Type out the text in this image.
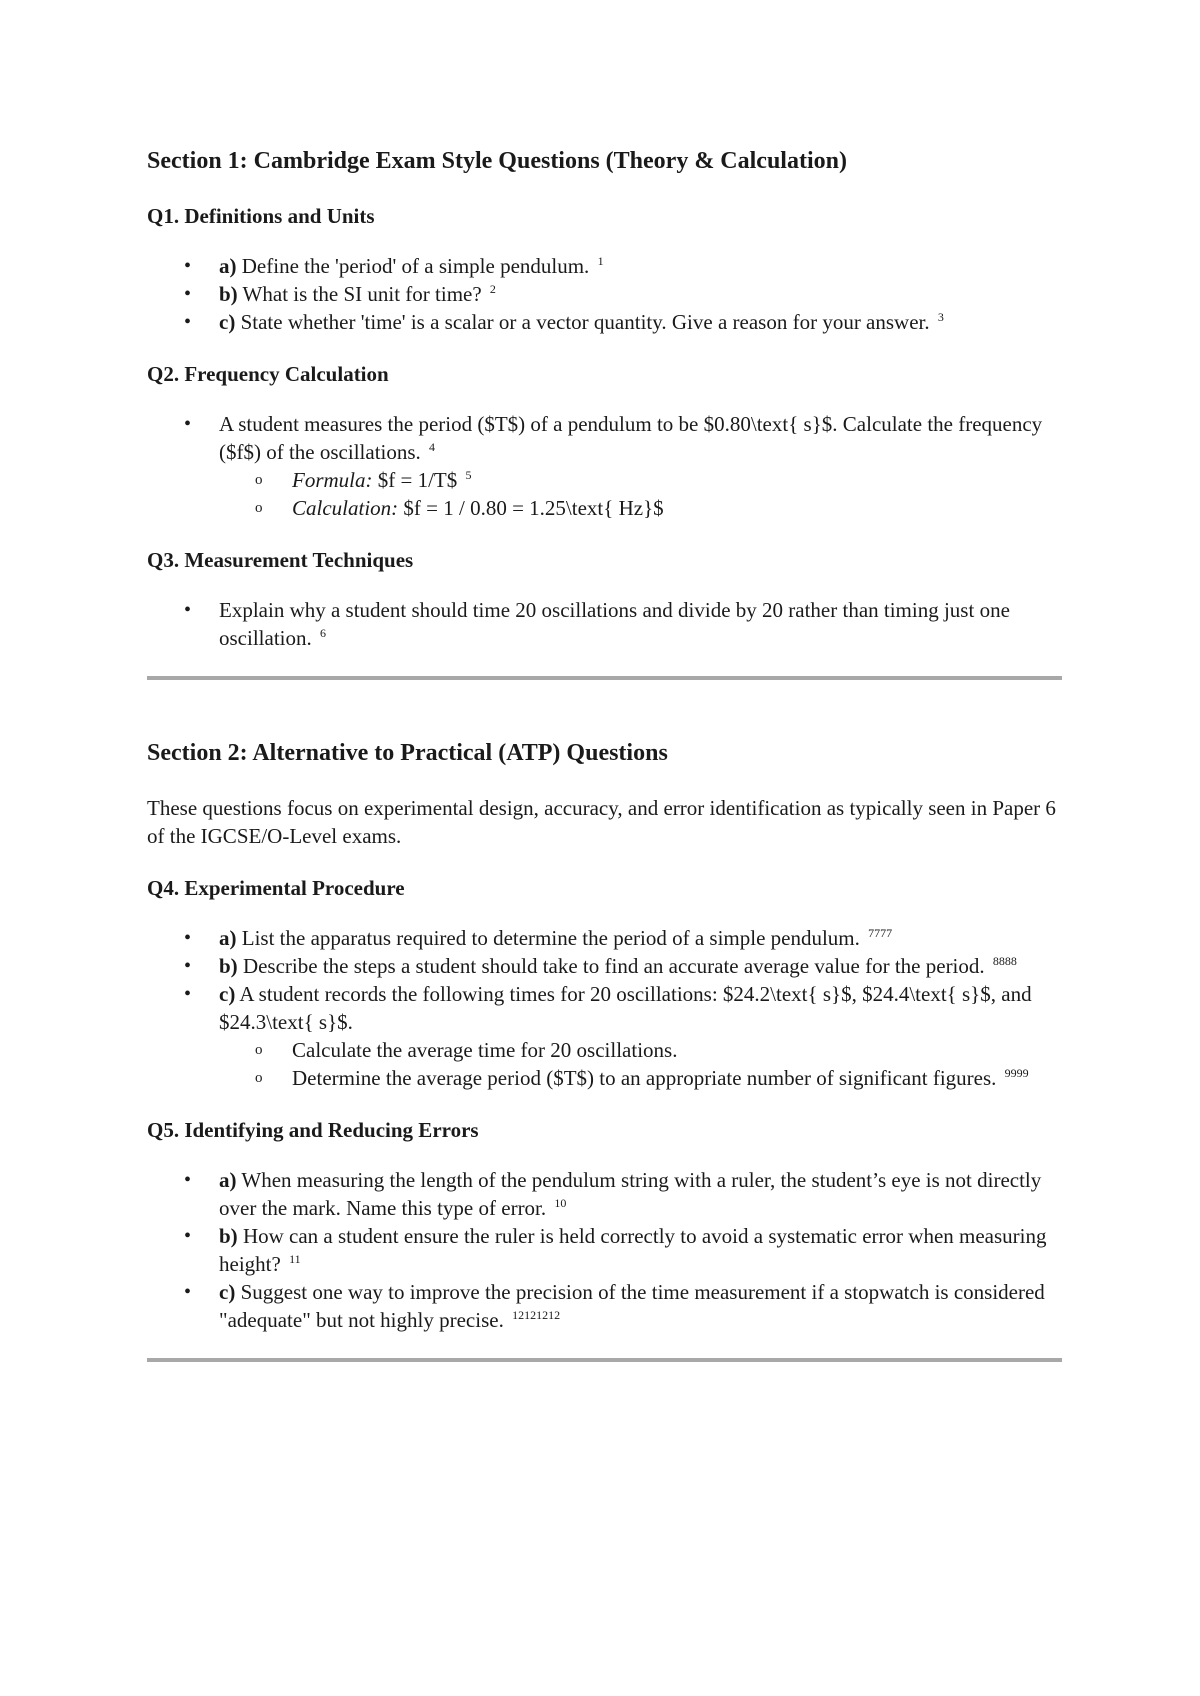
Section 1: Cambridge Exam Style Questions (Theory & Calculation)
Q1. Definitions and Units
• a) Define the 'period' of a simple pendulum. $^1$
• b) What is the SI unit for time? $^2$
• c) State whether 'time' is a scalar or a vector quantity. Give a reason for your answer. $^3$
Q2. Frequency Calculation
• A student measures the period ($T$) of a pendulum to be $0.80\text{ s}$. Calculate the frequency ($f$) of the oscillations. $^4$
o Formula: $f = 1/T$ $^5$
o Calculation: $f = 1 / 0.80 = 1.25\text{ Hz}$
Q3. Measurement Techniques
• Explain why a student should time 20 oscillations and divide by 20 rather than timing just one oscillation. $^6$
Section 2: Alternative to Practical (ATP) Questions
These questions focus on experimental design, accuracy, and error identification as typically seen in Paper 6 of the IGCSE/O-Level exams.
Q4. Experimental Procedure
• a) List the apparatus required to determine the period of a simple pendulum. $^{7777}$
• b) Describe the steps a student should take to find an accurate average value for the period. $^{8888}$
• c) A student records the following times for 20 oscillations: $24.2\text{ s}$, $24.4\text{ s}$, and $24.3\text{ s}$.
o Calculate the average time for 20 oscillations.
o Determine the average period ($T$) to an appropriate number of significant figures. $^{9999}$
Q5. Identifying and Reducing Errors
• a) When measuring the length of the pendulum string with a ruler, the student’s eye is not directly over the mark. Name this type of error. $^{10}$
• b) How can a student ensure the ruler is held correctly to avoid a systematic error when measuring height? $^{11}$
• c) Suggest one way to improve the precision of the time measurement if a stopwatch is considered "adequate" but not highly precise. $^{12121212}$
